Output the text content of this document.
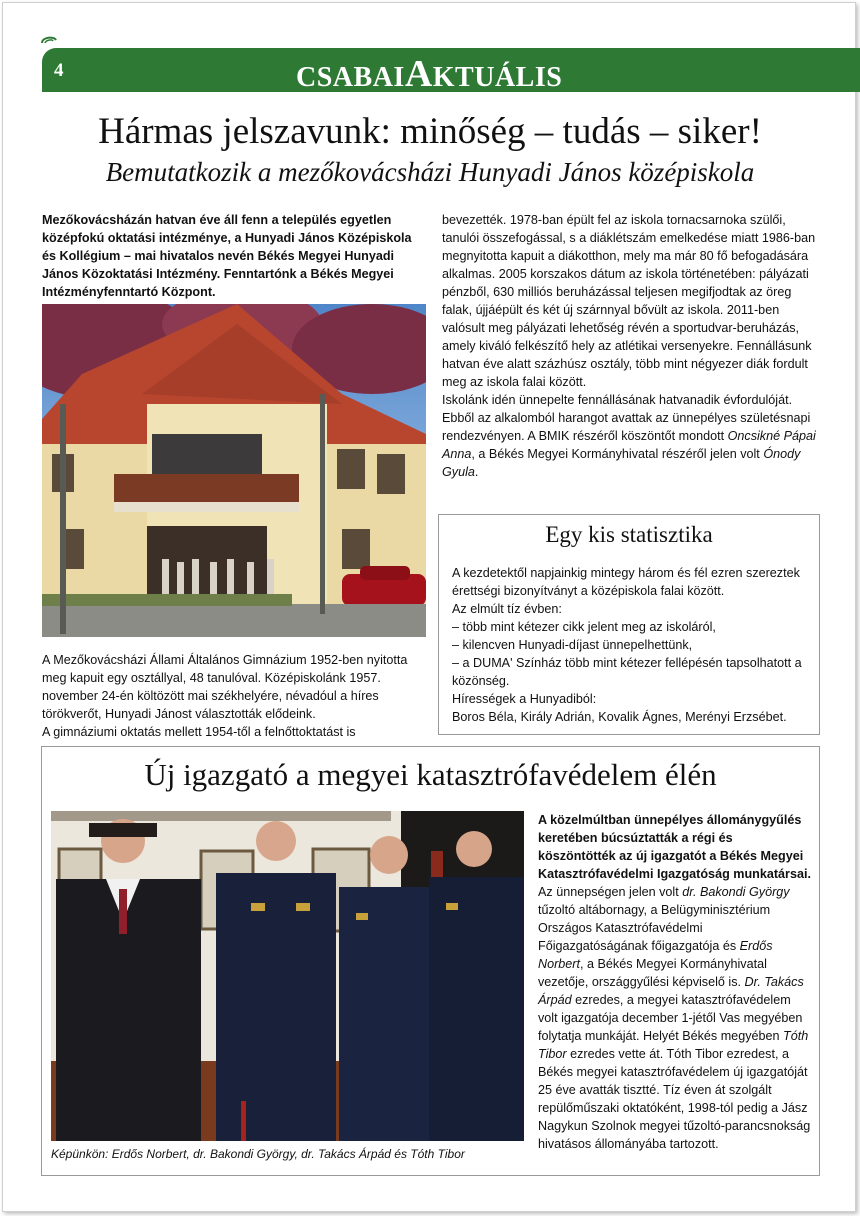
4	CSABAIAKTUÁLIS
Hármas jelszavunk: minőség – tudás – siker!
Bemutatkozik a mezőkovácsházi Hunyadi János középiskola

Mezőkovácsházán hatvan éve áll fenn a település egyetlen középfokú oktatási intézménye, a Hunyadi János Középiskola és Kollégium – mai hivatalos nevén Békés Megyei Hunyadi János Közoktatási Intézmény. Fenntartónk a Békés Megyei Intézményfenntartó Központ.

A Mezőkovácsházi Állami Általános Gimnázium 1952-ben nyitotta meg kapuit egy osztállyal, 48 tanulóval. Középiskolánk 1957. november 24-én költözött mai székhelyére, névadóul a híres törökverőt, Hunyadi Jánost választották elődeink.

A gimnáziumi oktatás mellett 1954-től a felnőttoktatást is

bevezették. 1978-ban épült fel az iskola tornacsarnoka szülői, tanulói összefogással, s a diáklétszám emelkedése miatt 1986-ban megnyitotta kapuit a diákotthon, mely ma már 80 fő befogadására alkalmas. 2005 korszakos dátum az iskola történetében: pályázati pénzből, 630 milliós beruházással teljesen megifjodtak az öreg falak, újjáépült és két új szárnnyal bővült az iskola. 2011-ben valósult meg pályázati lehetőség révén a sportudvar-beruházás, amely kiváló felkészítő hely az atlétikai versenyekre. Fennállásunk hatvan éve alatt százhúsz osztály, több mint négyezer diák fordult meg az iskola falai között.

Iskolánk idén ünnepelte fennállásának hatvanadik évfordulóját. Ebből az alkalomból harangot avattak az ünnepélyes születésnapi rendezvényen. A BMIK részéről köszöntőt mondott Oncsikné Pápai Anna, a Békés Megyei Kormányhivatal részéről jelen volt Ónody Gyula.

Egy kis statisztika

A kezdetektől napjainkig mintegy három és fél ezren szereztek érettségi bizonyítványt a középiskola falai között.

Az elmúlt tíz évben:

– több mint kétezer cikk jelent meg az iskoláról,

– kilencven Hunyadi-díjast ünnepelhettünk,

– a DUMA' Színház több mint kétezer fellépésén tapsolhatott a közönség.

Hírességek a Hunyadiból:

Boros Béla, Király Adrián, Kovalik Ágnes, Merényi Erzsébet.

Új igazgató a megyei katasztrófavédelem élén
Képünkön: Erdős Norbert, dr. Bakondi György, dr. Takács Árpád és Tóth Tibor

A közelmúltban ünnepélyes állománygyűlés keretében búcsúztatták a régi és köszöntötték az új igazgatót a Békés Megyei Katasztrófavédelmi Igazgatóság munkatársai. Az ünnepségen jelen volt dr. Bakondi György tűzoltó altábornagy, a Belügyminisztérium Országos Katasztrófavédelmi Főigazgatóságának főigazgatója és Erdős Norbert, a Békés Megyei Kormányhivatal vezetője, országgyűlési képviselő is. Dr. Takács Árpád ezredes, a megyei katasztrófavédelem volt igazgatója december 1-jétől Vas megyében folytatja munkáját. Helyét Békés megyében Tóth Tibor ezredes vette át. Tóth Tibor ezredest, a Békés megyei katasztrófavédelem új igazgatóját 25 éve avatták tisztté. Tíz éven át szolgált repülőműszaki oktatóként, 1998-tól pedig a Jász Nagykun Szolnok megyei tűzoltó-parancsnokság hivatásos állományába tartozott.
